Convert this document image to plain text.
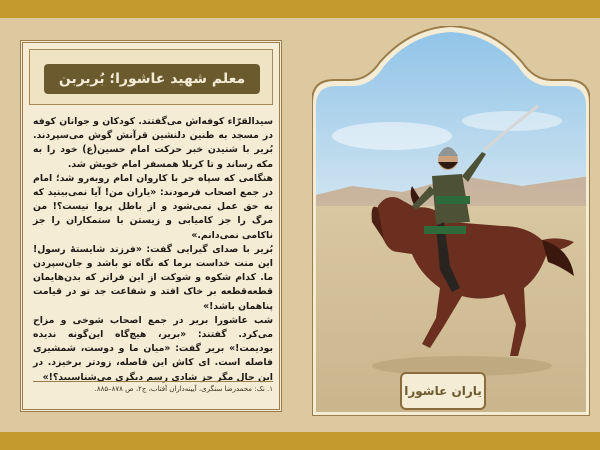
معلم شهید عاشورا؛ بُریربن حضیر

سیدالقرّاء کوفه‌اش می‌گفتند. کودکان و جوانان کوفه در مسجد به طنین دلنشین قرآنش گوش می‌سپردند. بُریر با شنیدن خبر حرکت امام حسین(ع) خود را به مکه رساند و تا کربلا همسفر امام خویش شد.

هنگامی که سپاه حر با کاروان امام روبه‌رو شد؛ امام در جمع اصحاب فرمودند: «یاران من! آیا نمی‌بینید که به حق عمل نمی‌شود و از باطل پروا نیست؟! من مرگ را جز کامیابی و زیستن با ستمکاران را جز ناکامی نمی‌دانم.»

بُریر با صدای گیرایی گفت: «فرزند شایستهٔ رسول! این منت خداست برما که نگاه تو باشد و جان‌سپردن ما. کدام شکوه و شوکت از این فراتر که بدن‌هایمان قطعه‌قطعه بر خاک افتد و شفاعت جد تو در قیامت پناهمان باشد!»

شب عاشورا بریر در جمع اصحاب شوخی و مزاح می‌کرد. گفتند: «بریر، هیچ‌گاه این‌گونه ندیده بودیمت!» بریر گفت: «میان ما و دوست، شمشیری فاصله است. ای کاش این فاصله، زودتر برخیزد. در این حال مگر جز شادی رسم دیگری می‌شناسیید؟!»

۱. نک: محمدرضا سنگری، آیینه‌داران آفتاب، ج۲، ص ۸۷۸–۸۸۵.	یاران عاشورا
